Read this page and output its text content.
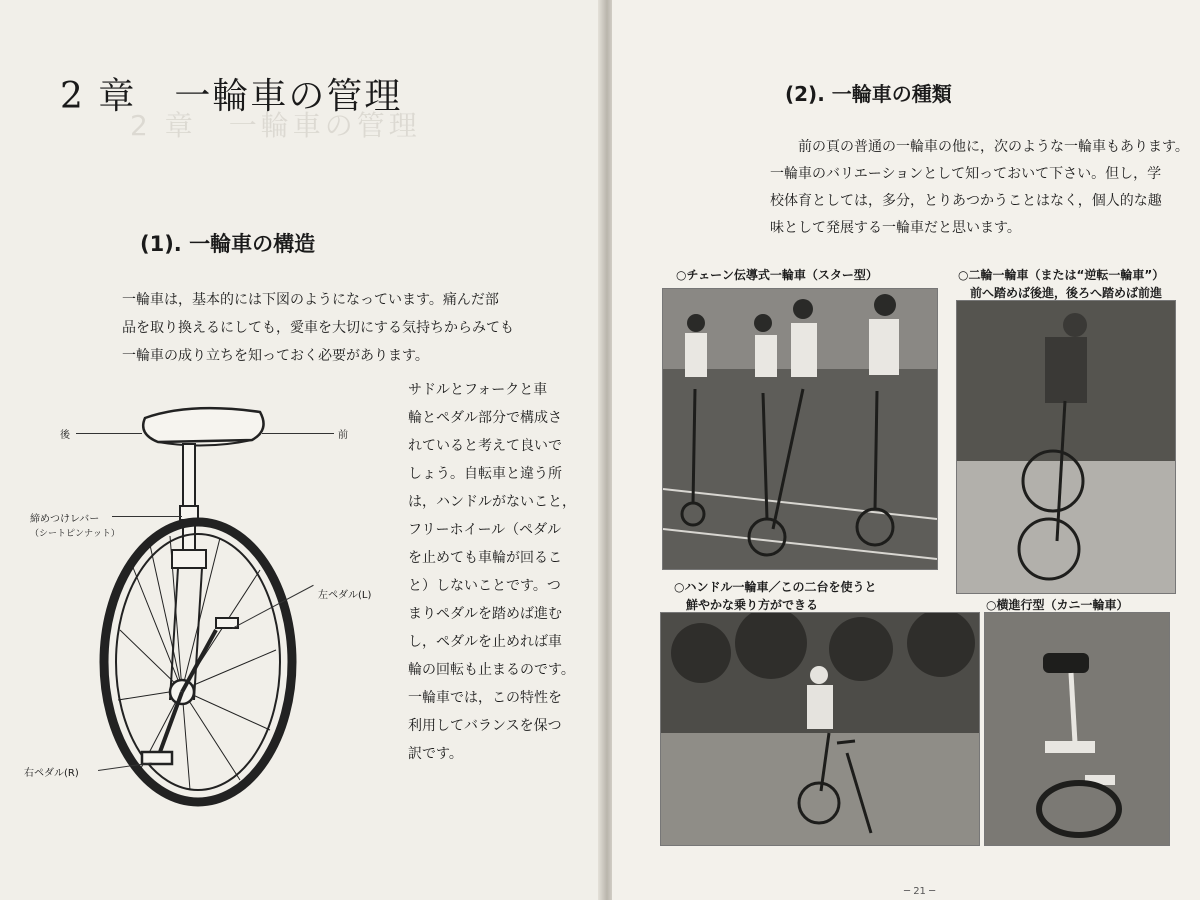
2 章　一輪車の管理
2 章　一輪車の管理
(1). 一輪車の構造
一輪車は，基本的には下図のようになっています。痛んだ部
品を取り換えるにしても，愛車を大切にする気持ちからみても
一輪車の成り立ちを知っておく必要があります。
サドルとフォークと車
輪とペダル部分で構成さ
れていると考えて良いで
しょう。自転車と違う所
は，ハンドルがないこと，
フリーホイール（ペダル
を止めても車輪が回るこ
と）しないことです。つ
まりペダルを踏めば進む
し，ペダルを止めれば車
輪の回転も止まるのです。
一輪車では，この特性を
利用してバランスを保つ
訳です。
後	前
締めつけレバー
（シートピンナット）
左ペダル(L)
右ペダル(R)
(2). 一輪車の種類
前の頁の普通の一輪車の他に，次のような一輪車もあります。
一輪車のバリエーションとして知っておいて下さい。但し，学
校体育としては，多分，とりあつかうことはなく，個人的な趣
味として発展する一輪車だと思います。
○チェーン伝導式一輪車（スター型）	○二輪一輪車（または“逆転一輪車”）
前へ踏めば後進，後ろへ踏めば前進
○ハンドル一輪車／この二台を使うと
鮮やかな乗り方ができる	○横進行型（カニ一輪車）
─ 21 ─
